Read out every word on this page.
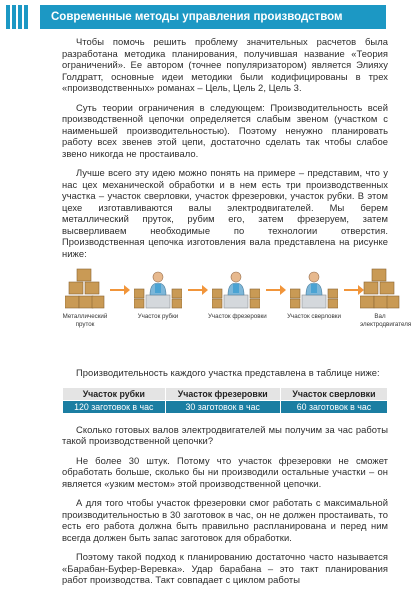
Современные методы управления производством

Чтобы помочь решить проблему значительных расчетов была разработана методика планирования, получившая название «Теория ограничений». Ее автором (точнее популяризатором) является Элияху Голдратт, основные идеи методики были кодифицированы в трех «производственных» романах – Цель, Цель 2, Цель 3.

Суть теории ограничения в следующем: Производительность всей производственной цепочки определяется слабым звеном (участком с наименьшей производительностью). Поэтому ненужно планировать работу всех звенев этой цепи, достаточно сделать так чтобы слабое звено никогда не простаивало.

Лучше всего эту идею можно понять на примере – представим, что у нас цех механической обработки и в нем есть три производственных участка – участок сверловки, участок фрезеровки, участок рубки. В этом цехе изготавливаются валы электродвигателей. Мы берем металлический пруток, рубим его, затем фрезеруем, затем высверливаем необходимые по технологии отверстия. Производственная цепочка изготовления вала представлена на рисунке ниже:

Металлический
пруток
Участок рубки	Участок фрезеровки	Участок сверловки	Вал
электродвигателя

Производительность каждого участка представлена в таблице ниже:

Участок рубки	Участок фрезеровки	Участок сверловки
120 заготовок в час	30 заготовок в час	60 заготовок в час

Сколько готовых валов электродвигателей мы получим за час работы такой производственной цепочки?

Не более 30 штук. Потому что участок фрезеровки не сможет обработать больше, сколько бы ни производили остальные участки – он является «узким местом» этой производственной цепочки.

А для того чтобы участок фрезеровки смог работать с максимальной производительностью в 30 заготовок в час, он не должен простаивать, то есть его работа должна быть правильно распланирована и перед ним всегда должен быть запас заготовок для обработки.

Поэтому такой подход к планированию достаточно часто называется «Барабан-Буфер-Веревка». Удар барабана – это такт планирования работ производства. Такт совпадает с циклом работы
